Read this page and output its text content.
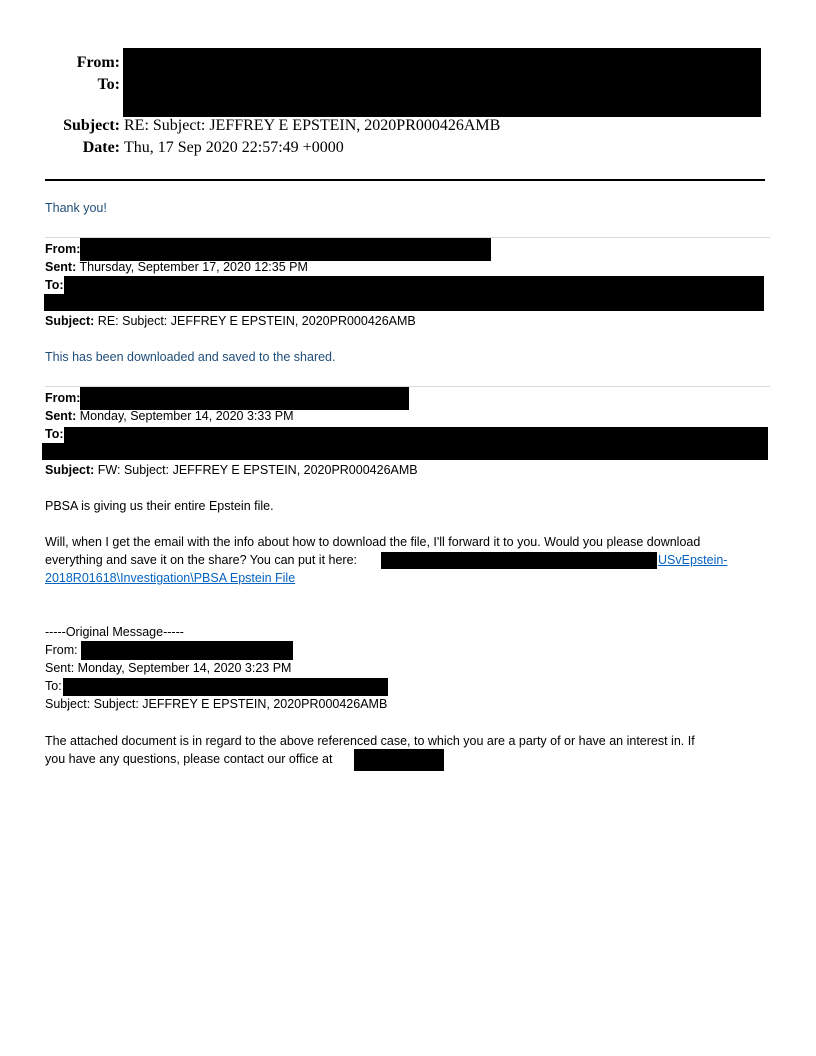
From:
To:
Subject: RE: Subject: JEFFREY E EPSTEIN, 2020PR000426AMB
Date: Thu, 17 Sep 2020 22:57:49 +0000
Thank you!
From:
Sent: Thursday, September 17, 2020 12:35 PM
To:
Subject: RE: Subject: JEFFREY E EPSTEIN, 2020PR000426AMB
This has been downloaded and saved to the shared.
From:
Sent: Monday, September 14, 2020 3:33 PM
To:
Subject: FW: Subject: JEFFREY E EPSTEIN, 2020PR000426AMB
PBSA is giving us their entire Epstein file.
Will, when I get the email with the info about how to download the file, I'll forward it to you. Would you please download
everything and save it on the share? You can put it here:	USvEpstein-
2018R01618\Investigation\PBSA Epstein File
-----Original Message-----
From:
Sent: Monday, September 14, 2020 3:23 PM
To:
Subject: Subject: JEFFREY E EPSTEIN, 2020PR000426AMB
The attached document is in regard to the above referenced case, to which you are a party of or have an interest in. If
you have any questions, please contact our office at
